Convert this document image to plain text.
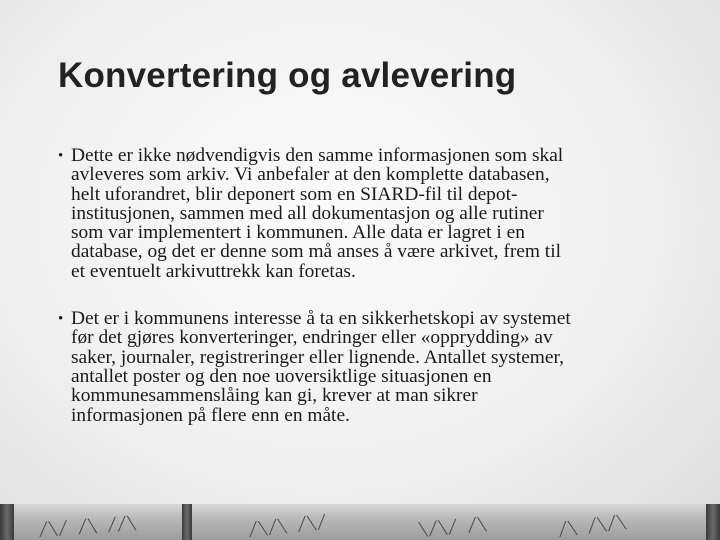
Konvertering og avlevering
• Dette er ikke nødvendigvis den samme informasjonen som skal
avleveres som arkiv. Vi anbefaler at den komplette databasen,
helt uforandret, blir deponert som en SIARD-fil til depot-
institusjonen, sammen med all dokumentasjon og alle rutiner
som var implementert i kommunen. Alle data er lagret i en
database, og det er denne som må anses å være arkivet, frem til
et eventuelt arkivuttrekk kan foretas.
• Det er i kommunens interesse å ta en sikkerhetskopi av systemet
før det gjøres konverteringer, endringer eller «opprydding» av
saker, journaler, registreringer eller lignende. Antallet systemer,
antallet poster og den noe uoversiktlige situasjonen en
kommunesammenslåing kan gi, krever at man sikrer
informasjonen på flere enn en måte.
╱╲╱ ╱╲ ╱╱╲	╱╲╱╲ ╱╲╱	╲╱╲╱ ╱╲	╱╲ ╱╲╱╲
